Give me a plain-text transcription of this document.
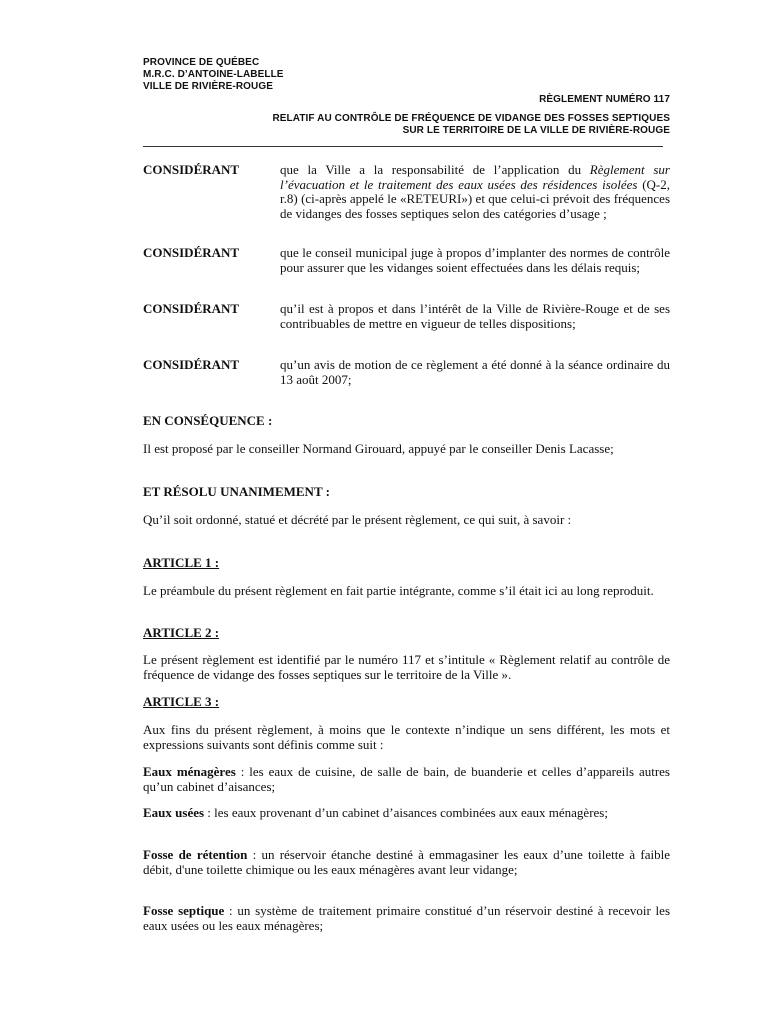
PROVINCE DE QUÉBEC
M.R.C. D’ANTOINE-LABELLE
VILLE DE RIVIÈRE-ROUGE
RÈGLEMENT NUMÉRO 117
RELATIF AU CONTRÔLE DE FRÉQUENCE DE VIDANGE DES FOSSES SEPTIQUES
SUR LE TERRITOIRE DE LA VILLE DE RIVIÈRE-ROUGE
CONSIDÉRANT	que la Ville a la responsabilité de l’application du Règlement sur l’évacuation et le traitement des eaux usées des résidences isolées (Q-2, r.8) (ci-après appelé le «RETEURI») et que celui-ci prévoit des fréquences de vidanges des fosses septiques selon des catégories d’usage ;
CONSIDÉRANT	que le conseil municipal juge à propos d’implanter des normes de contrôle pour assurer que les vidanges soient effectuées dans les délais requis;
CONSIDÉRANT	qu’il est à propos et dans l’intérêt de la Ville de Rivière-Rouge et de ses contribuables de mettre en vigueur de telles dispositions;
CONSIDÉRANT	qu’un avis de motion de ce règlement a été donné à la séance ordinaire du 13 août 2007;
EN CONSÉQUENCE :
Il est proposé par le conseiller Normand Girouard, appuyé par le conseiller Denis Lacasse;
ET RÉSOLU UNANIMEMENT :
Qu’il soit ordonné, statué et décrété par le présent règlement, ce qui suit, à savoir :
ARTICLE 1 :
Le préambule du présent règlement en fait partie intégrante, comme s’il était ici au long reproduit.
ARTICLE 2 :
Le présent règlement est identifié par le numéro 117 et s’intitule « Règlement relatif au contrôle de fréquence de vidange des fosses septiques sur le territoire de la Ville ».
ARTICLE 3 :
Aux fins du présent règlement, à moins que le contexte n’indique un sens différent, les mots et expressions suivants sont définis comme suit :
Eaux ménagères : les eaux de cuisine, de salle de bain, de buanderie et celles d’appareils autres qu’un cabinet d’aisances;
Eaux usées : les eaux provenant d’un cabinet d’aisances combinées aux eaux ménagères;
Fosse de rétention : un réservoir étanche destiné à emmagasiner les eaux d’une toilette à faible débit, d'une toilette chimique ou les eaux ménagères avant leur vidange;
Fosse septique : un système de traitement primaire constitué d’un réservoir destiné à recevoir les eaux usées ou les eaux ménagères;
